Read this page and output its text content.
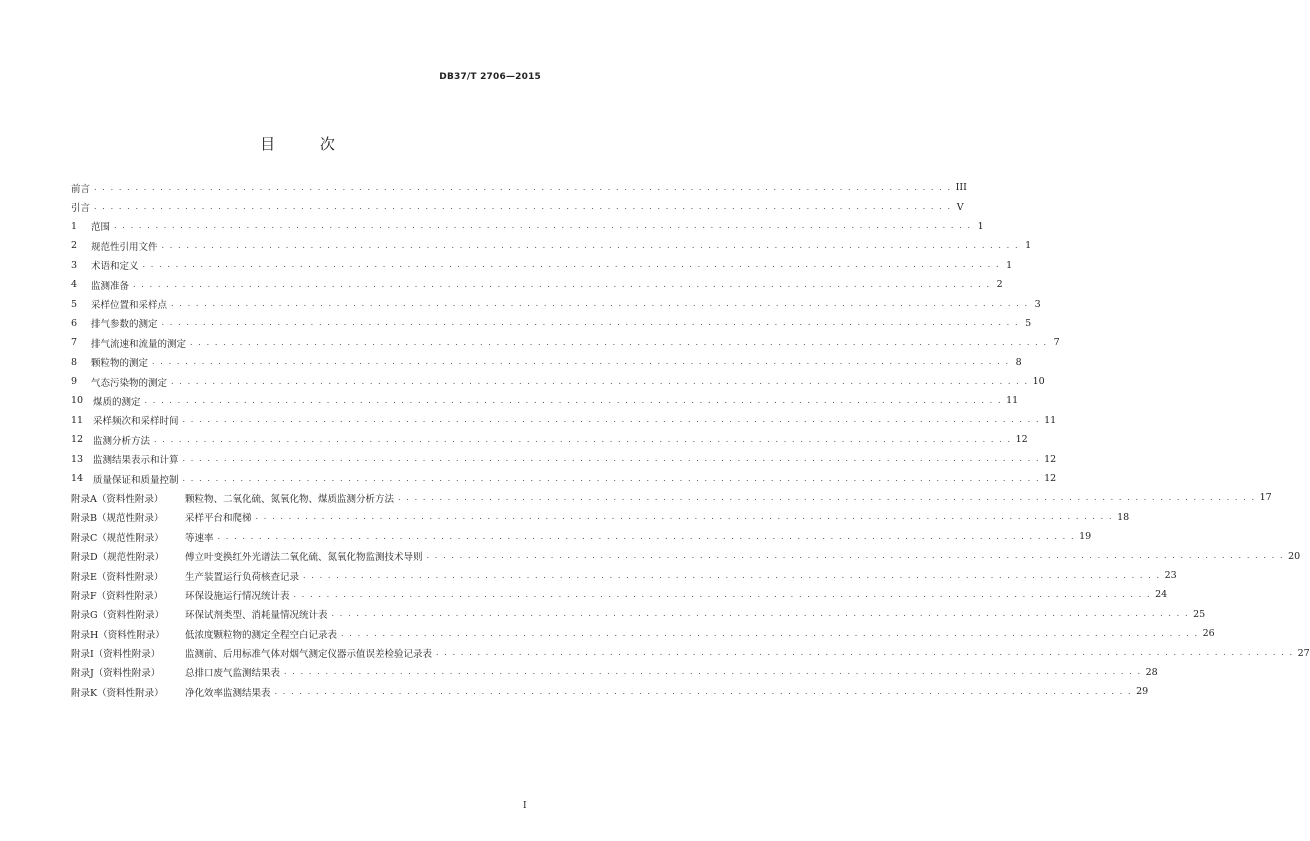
DB37/T 2706—2015
目 次
前言 . . . . . . . . . . . . . . . . . . . . . . . . . . . . . . . . . . . . . . . . . . . . . . . . . . . . . . . . . . . . . . . . . . . . . . . . . . . . . . . . . . . . . . . . . . . . . . . . . . . . . . . . III
引言 . . . . . . . . . . . . . . . . . . . . . . . . . . . . . . . . . . . . . . . . . . . . . . . . . . . . . . . . . . . . . . . . . . . . . . . . . . . . . . . . . . . . . . . . . . . . . . . . . . . . . . . . V
1	范围 . . . . . . . . . . . . . . . . . . . . . . . . . . . . . . . . . . . . . . . . . . . . . . . . . . . . . . . . . . . . . . . . . . . . . . . . . . . . . . . . . . . . . . . . . . . . . . . . . . . . . . . . 1
2	规范性引用文件 . . . . . . . . . . . . . . . . . . . . . . . . . . . . . . . . . . . . . . . . . . . . . . . . . . . . . . . . . . . . . . . . . . . . . . . . . . . . . . . . . . . . . . . . . . . . . . . . . . . . . . . . 1
3	术语和定义 . . . . . . . . . . . . . . . . . . . . . . . . . . . . . . . . . . . . . . . . . . . . . . . . . . . . . . . . . . . . . . . . . . . . . . . . . . . . . . . . . . . . . . . . . . . . . . . . . . . . . . . . 1
4	监测准备 . . . . . . . . . . . . . . . . . . . . . . . . . . . . . . . . . . . . . . . . . . . . . . . . . . . . . . . . . . . . . . . . . . . . . . . . . . . . . . . . . . . . . . . . . . . . . . . . . . . . . . . . 2
5	采样位置和采样点 . . . . . . . . . . . . . . . . . . . . . . . . . . . . . . . . . . . . . . . . . . . . . . . . . . . . . . . . . . . . . . . . . . . . . . . . . . . . . . . . . . . . . . . . . . . . . . . . . . . . . . . . 3
6	排气参数的测定 . . . . . . . . . . . . . . . . . . . . . . . . . . . . . . . . . . . . . . . . . . . . . . . . . . . . . . . . . . . . . . . . . . . . . . . . . . . . . . . . . . . . . . . . . . . . . . . . . . . . . . . . 5
7	排气流速和流量的测定 . . . . . . . . . . . . . . . . . . . . . . . . . . . . . . . . . . . . . . . . . . . . . . . . . . . . . . . . . . . . . . . . . . . . . . . . . . . . . . . . . . . . . . . . . . . . . . . . . . . . . . . . 7
8	颗粒物的测定 . . . . . . . . . . . . . . . . . . . . . . . . . . . . . . . . . . . . . . . . . . . . . . . . . . . . . . . . . . . . . . . . . . . . . . . . . . . . . . . . . . . . . . . . . . . . . . . . . . . . . . . . 8
9	气态污染物的测定 . . . . . . . . . . . . . . . . . . . . . . . . . . . . . . . . . . . . . . . . . . . . . . . . . . . . . . . . . . . . . . . . . . . . . . . . . . . . . . . . . . . . . . . . . . . . . . . . . . . . . . . . 10
10	煤质的测定 . . . . . . . . . . . . . . . . . . . . . . . . . . . . . . . . . . . . . . . . . . . . . . . . . . . . . . . . . . . . . . . . . . . . . . . . . . . . . . . . . . . . . . . . . . . . . . . . . . . . . . . . 11
11	采样频次和采样时间 . . . . . . . . . . . . . . . . . . . . . . . . . . . . . . . . . . . . . . . . . . . . . . . . . . . . . . . . . . . . . . . . . . . . . . . . . . . . . . . . . . . . . . . . . . . . . . . . . . . . . . . . 11
12	监测分析方法 . . . . . . . . . . . . . . . . . . . . . . . . . . . . . . . . . . . . . . . . . . . . . . . . . . . . . . . . . . . . . . . . . . . . . . . . . . . . . . . . . . . . . . . . . . . . . . . . . . . . . . . . 12
13	监测结果表示和计算 . . . . . . . . . . . . . . . . . . . . . . . . . . . . . . . . . . . . . . . . . . . . . . . . . . . . . . . . . . . . . . . . . . . . . . . . . . . . . . . . . . . . . . . . . . . . . . . . . . . . . . . . 12
14	质量保证和质量控制 . . . . . . . . . . . . . . . . . . . . . . . . . . . . . . . . . . . . . . . . . . . . . . . . . . . . . . . . . . . . . . . . . . . . . . . . . . . . . . . . . . . . . . . . . . . . . . . . . . . . . . . . 12
附录A（资料性附录）	颗粒物、二氧化硫、氮氧化物、煤质监测分析方法 . . . . . . . . . . . . . . . . . . . . . . . . . . . . . . . . . . . . . . . . . . . . . . . . . . . . . . . . . . . . . . . . . . . . . . . . . . . . . . . . . . . . . . . . . . . . . . . . . . . . . . . . 17
附录B（规范性附录）	采样平台和爬梯 . . . . . . . . . . . . . . . . . . . . . . . . . . . . . . . . . . . . . . . . . . . . . . . . . . . . . . . . . . . . . . . . . . . . . . . . . . . . . . . . . . . . . . . . . . . . . . . . . . . . . . . . 18
附录C（规范性附录）	等速率 . . . . . . . . . . . . . . . . . . . . . . . . . . . . . . . . . . . . . . . . . . . . . . . . . . . . . . . . . . . . . . . . . . . . . . . . . . . . . . . . . . . . . . . . . . . . . . . . . . . . . . . . 19
附录D（规范性附录）	傅立叶变换红外光谱法二氧化硫、氮氧化物监测技术导则 . . . . . . . . . . . . . . . . . . . . . . . . . . . . . . . . . . . . . . . . . . . . . . . . . . . . . . . . . . . . . . . . . . . . . . . . . . . . . . . . . . . . . . . . . . . . . . . . . . . . . . . . 20
附录E（资料性附录）	生产装置运行负荷核查记录 . . . . . . . . . . . . . . . . . . . . . . . . . . . . . . . . . . . . . . . . . . . . . . . . . . . . . . . . . . . . . . . . . . . . . . . . . . . . . . . . . . . . . . . . . . . . . . . . . . . . . . . . 23
附录F（资料性附录）	环保设施运行情况统计表 . . . . . . . . . . . . . . . . . . . . . . . . . . . . . . . . . . . . . . . . . . . . . . . . . . . . . . . . . . . . . . . . . . . . . . . . . . . . . . . . . . . . . . . . . . . . . . . . . . . . . . . . 24
附录G（资料性附录）	环保试剂类型、消耗量情况统计表 . . . . . . . . . . . . . . . . . . . . . . . . . . . . . . . . . . . . . . . . . . . . . . . . . . . . . . . . . . . . . . . . . . . . . . . . . . . . . . . . . . . . . . . . . . . . . . . . . . . . . . . . 25
附录H（资料性附录）	低浓度颗粒物的测定全程空白记录表 . . . . . . . . . . . . . . . . . . . . . . . . . . . . . . . . . . . . . . . . . . . . . . . . . . . . . . . . . . . . . . . . . . . . . . . . . . . . . . . . . . . . . . . . . . . . . . . . . . . . . . . . 26
附录I（资料性附录）	监测前、后用标准气体对烟气测定仪器示值误差检验记录表 . . . . . . . . . . . . . . . . . . . . . . . . . . . . . . . . . . . . . . . . . . . . . . . . . . . . . . . . . . . . . . . . . . . . . . . . . . . . . . . . . . . . . . . . . . . . . . . . . . . . . . . . 27
附录J（资料性附录）	总排口废气监测结果表 . . . . . . . . . . . . . . . . . . . . . . . . . . . . . . . . . . . . . . . . . . . . . . . . . . . . . . . . . . . . . . . . . . . . . . . . . . . . . . . . . . . . . . . . . . . . . . . . . . . . . . . . 28
附录K（资料性附录）	净化效率监测结果表 . . . . . . . . . . . . . . . . . . . . . . . . . . . . . . . . . . . . . . . . . . . . . . . . . . . . . . . . . . . . . . . . . . . . . . . . . . . . . . . . . . . . . . . . . . . . . . . . . . . . . . . . 29
I
